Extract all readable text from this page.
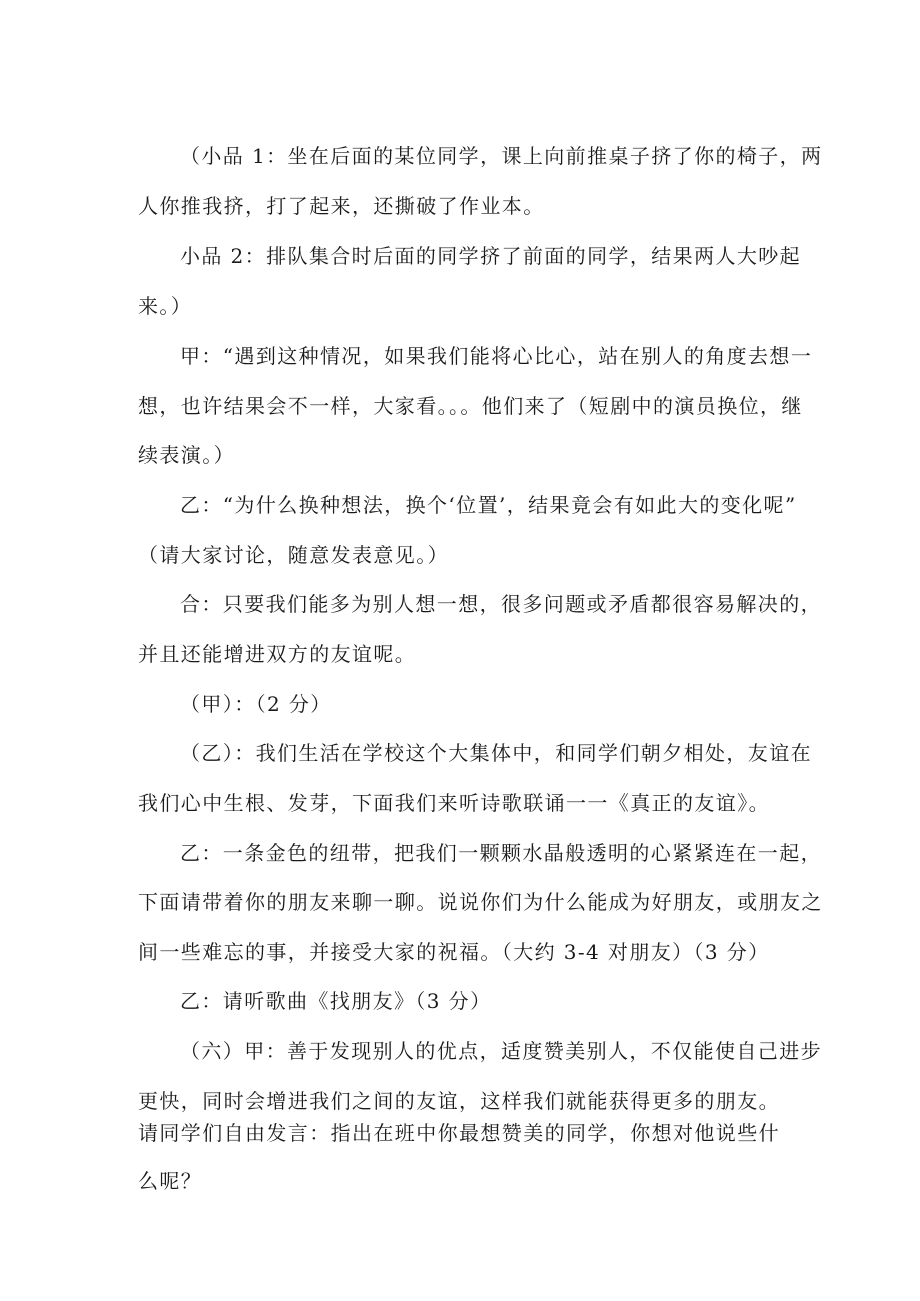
（小品 1：坐在后面的某位同学，课上向前推桌子挤了你的椅子，两
人你推我挤，打了起来，还撕破了作业本。
小品 2：排队集合时后面的同学挤了前面的同学，结果两人大吵起
来。）
甲：“遇到这种情况，如果我们能将心比心，站在别人的角度去想一
想，也许结果会不一样，大家看。。。他们来了（短剧中的演员换位，继
续表演。）
乙：“为什么换种想法，换个‘位置’，结果竟会有如此大的变化呢”
（请大家讨论，随意发表意见。）
合：只要我们能多为别人想一想，很多问题或矛盾都很容易解决的，
并且还能增进双方的友谊呢。
（甲）：（2 分）
（乙）：我们生活在学校这个大集体中，和同学们朝夕相处，友谊在
我们心中生根、发芽，下面我们来听诗歌联诵一一《真正的友谊》。
乙：一条金色的纽带，把我们一颗颗水晶般透明的心紧紧连在一起，
下面请带着你的朋友来聊一聊。说说你们为什么能成为好朋友，或朋友之
间一些难忘的事，并接受大家的祝福。（大约 3-4 对朋友）（3 分）
乙：请听歌曲《找朋友》（3 分）
（六）甲：善于发现别人的优点，适度赞美别人，不仅能使自己进步
更快，同时会增进我们之间的友谊，这样我们就能获得更多的朋友。
请同学们自由发言：指出在班中你最想赞美的同学，你想对他说些什
么呢？
